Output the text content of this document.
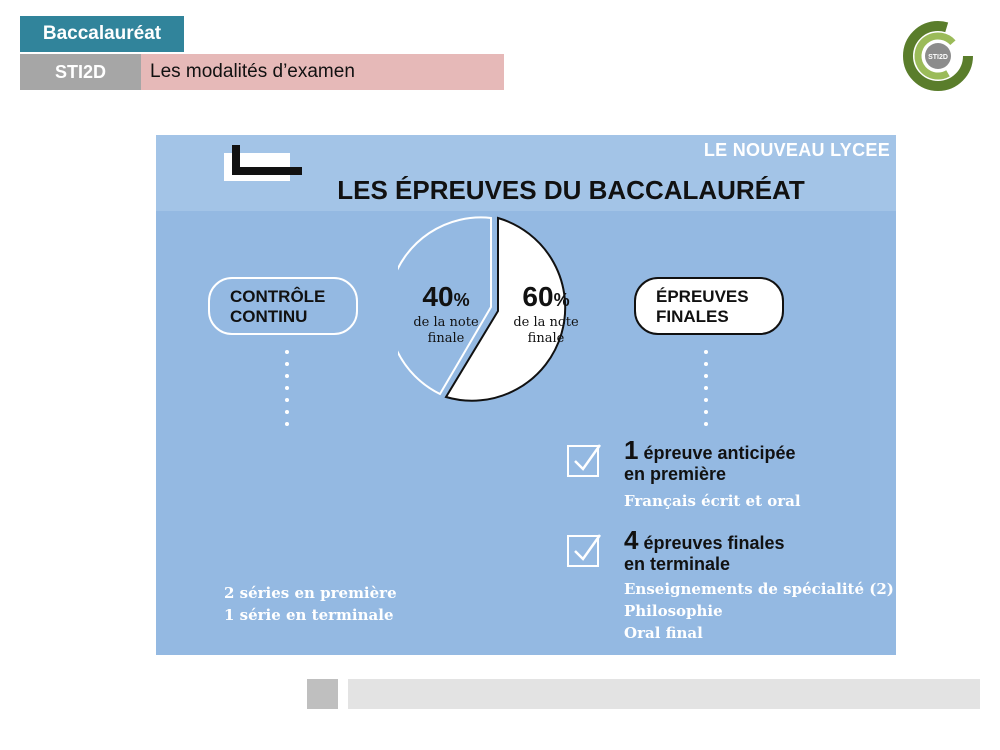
Baccalauréat
STI2D	Les modalités d’examen
STI2D
LE NOUVEAU LYCEE
LES ÉPREUVES DU BACCALAURÉAT
40%
de la note
finale
60%
de la note
finale
CONTRÔLE
CONTINU
ÉPREUVES
FINALES
2 séries en première
1 série en terminale
1 épreuve anticipée
en première
Français écrit et oral
4 épreuves finales
en terminale
Enseignements de spécialité (2)
Philosophie
Oral final
